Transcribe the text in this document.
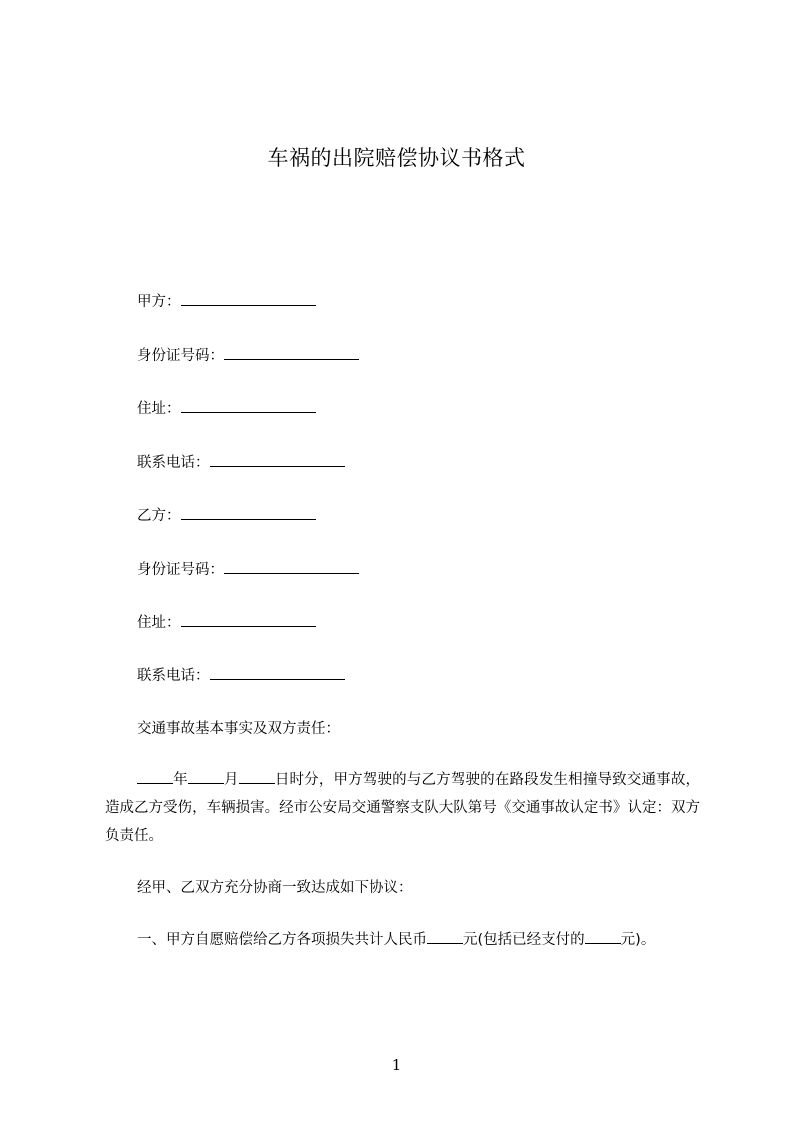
车祸的出院赔偿协议书格式
甲方：
身份证号码：
住址：
联系电话：
乙方：
身份证号码：
住址：
联系电话：
交通事故基本事实及双方责任：
年 月 日时分，甲方驾驶的与乙方驾驶的在路段发生相撞导致交通事故，造成乙方受伤，车辆损害。经市公安局交通警察支队大队第号《交通事故认定书》认定：双方负责任。
经甲、乙双方充分协商一致达成如下协议：
一、甲方自愿赔偿给乙方各项损失共计人民币 元(包括已经支付的 元)。
1
